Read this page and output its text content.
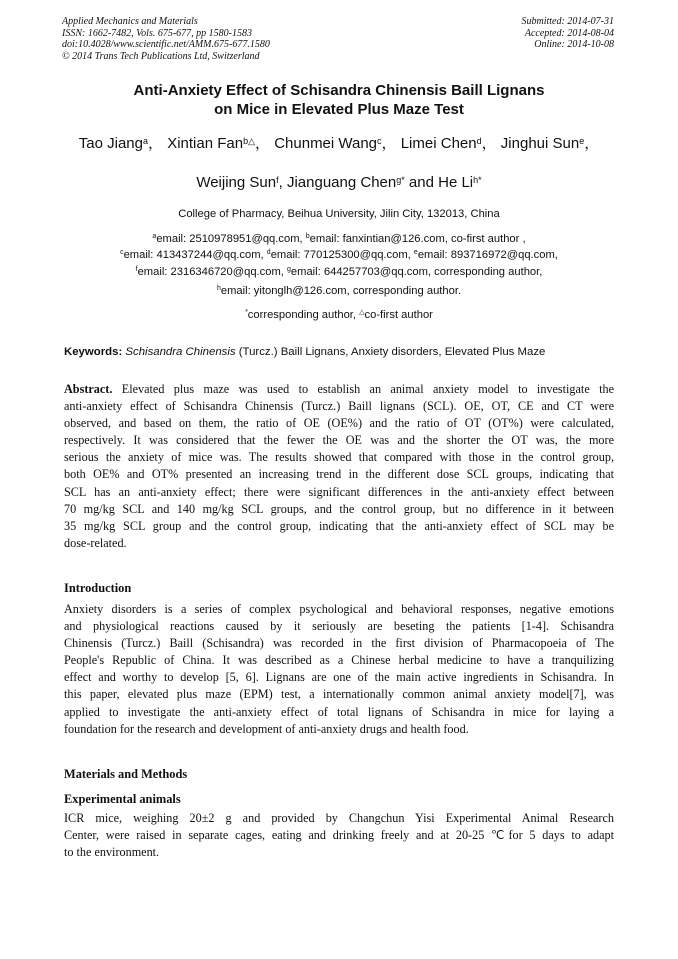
Applied Mechanics and Materials
ISSN: 1662-7482, Vols. 675-677, pp 1580-1583
doi:10.4028/www.scientific.net/AMM.675-677.1580
© 2014 Trans Tech Publications Ltd, Switzerland
Submitted: 2014-07-31
Accepted: 2014-08-04
Online: 2014-10-08
Anti-Anxiety Effect of Schisandra Chinensis Baill Lignans
on Mice in Elevated Plus Maze Test
Tao Jiang$^a$， Xintian Fan$^{b\triangle}$， Chunmei Wang$^c$， Limei Chen$^d$， Jinghui Sun$^e$，
Weijing Sun$^f$, Jianguang Chen$^{g*}$ and He $Li^{h*}$
College of Pharmacy, Beihua University, Jilin City, 132013, China
$^a$email: 2510978951@qq.com, $^b$email: fanxintian@126.com, co-first author ,
$^c$email: 413437244@qq.com, $^d$email: 770125300@qq.com, $^e$email: 893716972@qq.com,
$^f$email: 2316346720@qq.com, $^g$email: 644257703@qq.com, corresponding author,
$^h$email: yitonglh@126.com, corresponding author.
*corresponding author, △co-first author
Keywords: Schisandra Chinensis (Turcz.) Baill Lignans, Anxiety disorders, Elevated Plus Maze
Abstract. Elevated plus maze was used to establish an animal anxiety model to investigate the
anti-anxiety effect of Schisandra Chinensis (Turcz.) Baill lignans (SCL). OE, OT, CE and CT were
observed, and based on them, the ratio of OE (OE%) and the ratio of OT (OT%) were calculated,
respectively. It was considered that the fewer the OE was and the shorter the OT was, the more
serious the anxiety of mice was. The results showed that compared with those in the control group,
both OE% and OT% presented an increasing trend in the different dose SCL groups, indicating that
SCL has an anti-anxiety effect; there were significant differences in the anti-anxiety effect between
70 mg/kg SCL and 140 mg/kg SCL groups, and the control group, but no difference in it between
35 mg/kg SCL group and the control group, indicating that the anti-anxiety effect of SCL may be
dose-related.
Introduction
Anxiety disorders is a series of complex psychological and behavioral responses, negative emotions
and physiological reactions caused by it seriously are beseting the patients [1-4]. Schisandra
Chinensis (Turcz.) Baill (Schisandra) was recorded in the first division of Pharmacopoeia of The
People's Republic of China. It was described as a Chinese herbal medicine to have a tranquilizing
effect and worthy to develop [5, 6]. Lignans are one of the main active ingredients in Schisandra. In
this paper, elevated plus maze (EPM) test, a internationally common animal anxiety model[7], was
applied to investigate the anti-anxiety effect of total lignans of Schisandra in mice for laying a
foundation for the research and development of anti-anxiety drugs and health food.
Materials and Methods
Experimental animals
ICR mice, weighing 20±2 g and provided by Changchun Yisi Experimental Animal Research
Center, were raised in separate cages, eating and drinking freely and at 20-25 ℃for 5 days to adapt
to the environment.
